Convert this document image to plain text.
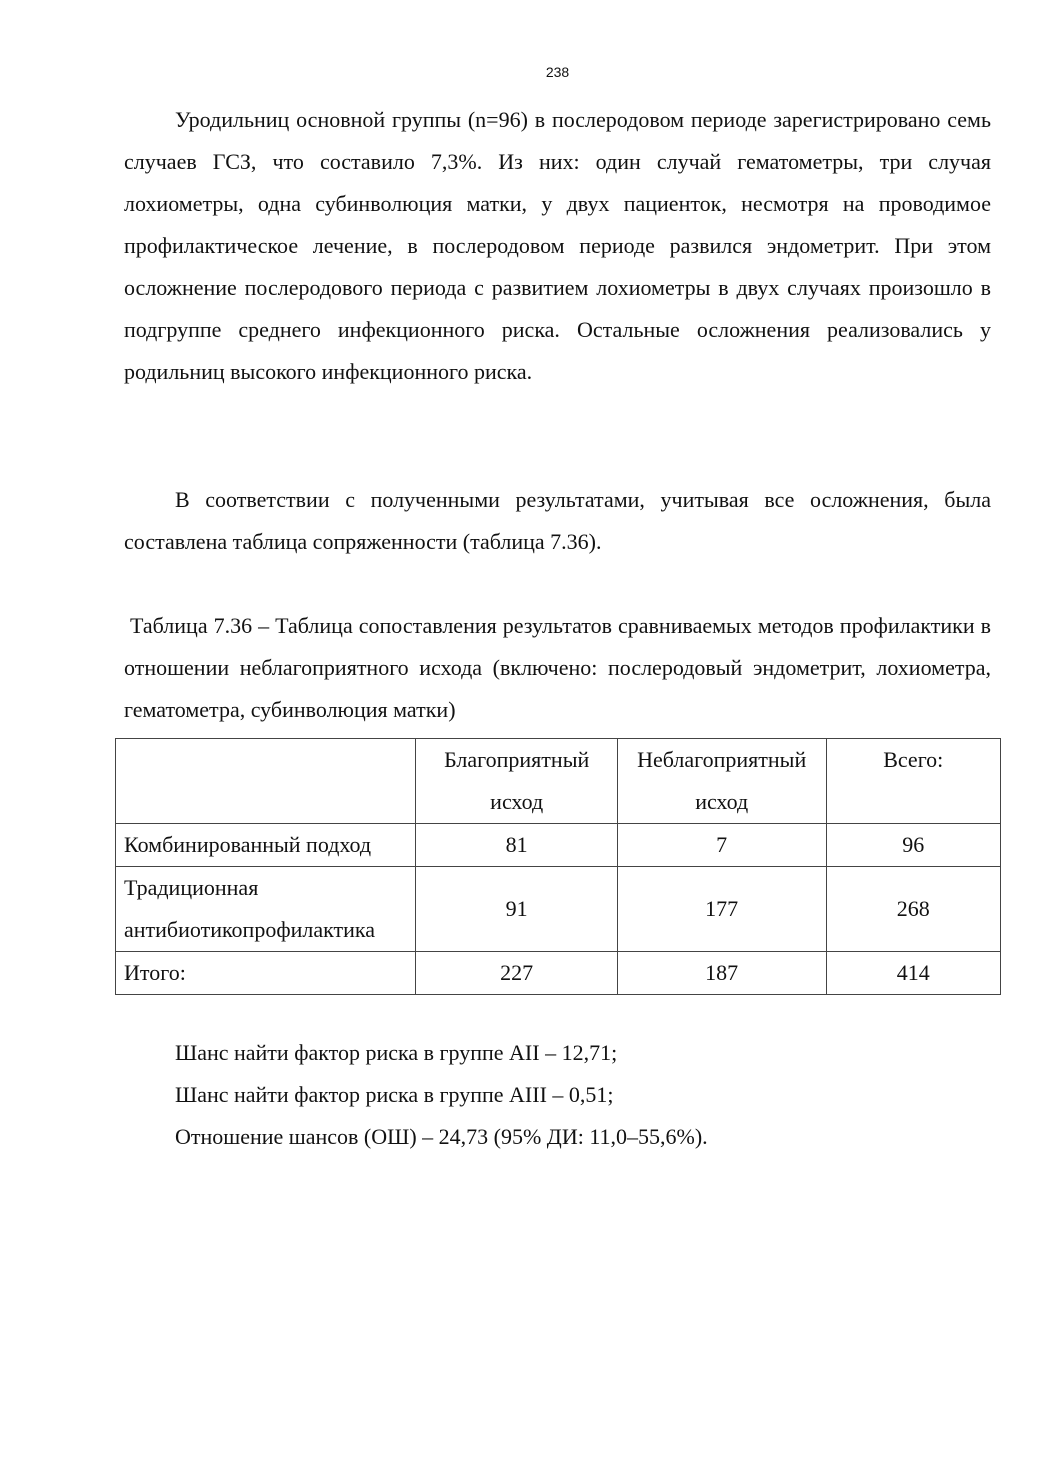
238

Уродильниц основной группы (n=96) в послеродовом периоде зарегистрировано семь случаев ГСЗ, что составило 7,3%. Из них: один случай гематометры, три случая лохиометры, одна субинволюция матки, у двух пациенток, несмотря на проводимое профилактическое лечение, в послеродовом периоде развился эндометрит. При этом осложнение послеродового периода с развитием лохиометры в двух случаях произошло в подгруппе среднего инфекционного риска. Остальные осложнения реализовались у родильниц высокого инфекционного риска.

В соответствии с полученными результатами, учитывая все осложнения, была составлена таблица сопряженности (таблица 7.36).

Таблица 7.36 – Таблица сопоставления результатов сравниваемых методов профилактики в отношении неблагоприятного исхода (включено: послеродовый эндометрит, лохиометра, гематометра, субинволюция матки)

	Благоприятный исход	Неблагоприятный исход	Всего:
Комбинированный подход	81	7	96
Традиционная антибиотикопрофилактика	91	177	268
Итого:	227	187	414
Шанс найти фактор риска в группе АII – 12,71;
Шанс найти фактор риска в группе АIII – 0,51;
Отношение шансов (ОШ) – 24,73 (95% ДИ: 11,0–55,6%).
